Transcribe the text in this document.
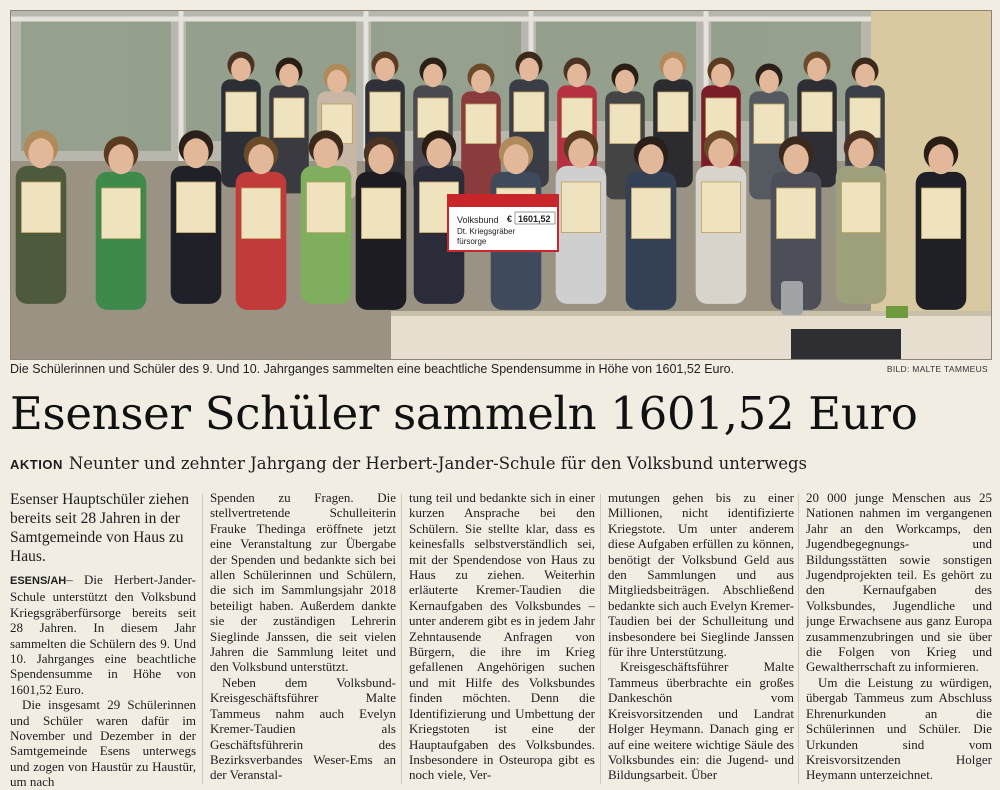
Volksbund
Dt. Kriegsgräber
fürsorge
€ 1601,52
Die Schülerinnen und Schüler des 9. Und 10. Jahrganges sammelten eine beachtliche Spendensumme in Höhe von 1601,52 Euro.	BILD: MALTE TAMMEUS
Esenser Schüler sammeln 1601,52 Euro
AKTION Neunter und zehnter Jahrgang der Herbert-Jander-Schule für den Volksbund unterwegs

Esenser Hauptschüler ziehen bereits seit 28 Jahren in der Samtgemeinde von Haus zu Haus.

ESENS/AH– Die Herbert-Jander-Schule unterstützt den Volksbund Kriegsgräberfürsorge bereits seit 28 Jahren. In diesem Jahr sammelten die Schülern des 9. Und 10. Jahrganges eine beachtliche Spendensumme in Höhe von 1601,52 Euro.

Die insgesamt 29 Schülerinnen und Schüler waren dafür im November und Dezember in der Samtgemeinde Esens unterwegs und zogen von Haustür zu Haustür, um nach

Spenden zu Fragen. Die stellvertretende Schulleiterin Frauke Thedinga eröffnete jetzt eine Veranstaltung zur Übergabe der Spenden und bedankte sich bei allen Schülerinnen und Schülern, die sich im Sammlungsjahr 2018 beteiligt haben. Außerdem dankte sie der zuständigen Lehrerin Sieglinde Janssen, die seit vielen Jahren die Sammlung leitet und den Volksbund unterstützt.

Neben dem Volksbund-Kreisgeschäftsführer Malte Tammeus nahm auch Evelyn Kremer-Taudien als Geschäftsführerin des Bezirksverbandes Weser-Ems an der Veranstal-

tung teil und bedankte sich in einer kurzen Ansprache bei den Schülern. Sie stellte klar, dass es keinesfalls selbstverständlich sei, mit der Spendendose von Haus zu Haus zu ziehen. Weiterhin erläuterte Kremer-Taudien die Kernaufgaben des Volksbundes – unter anderem gibt es in jedem Jahr Zehntausende Anfragen von Bürgern, die ihre im Krieg gefallenen Angehörigen suchen und mit Hilfe des Volksbundes finden möchten. Denn die Identifizierung und Umbettung der Kriegstoten ist eine der Hauptaufgaben des Volksbundes. Insbesondere in Osteuropa gibt es noch viele, Ver-

mutungen gehen bis zu einer Millionen, nicht identifizierte Kriegstote. Um unter anderem diese Aufgaben erfüllen zu können, benötigt der Volksbund Geld aus den Sammlungen und aus Mitgliedsbeiträgen. Abschließend bedankte sich auch Evelyn Kremer-Taudien bei der Schulleitung und insbesondere bei Sieglinde Janssen für ihre Unterstützung.

Kreisgeschäftsführer Malte Tammeus überbrachte ein großes Dankeschön vom Kreisvorsitzenden und Landrat Holger Heymann. Danach ging er auf eine weitere wichtige Säule des Volksbundes ein: die Jugend- und Bildungsarbeit. Über

20 000 junge Menschen aus 25 Nationen nahmen im vergangenen Jahr an den Workcamps, den Jugendbegegnungs- und Bildungsstätten sowie sonstigen Jugendprojekten teil. Es gehört zu den Kernaufgaben des Volksbundes, Jugendliche und junge Erwachsene aus ganz Europa zusammenzubringen und sie über die Folgen von Krieg und Gewaltherrschaft zu informieren.

Um die Leistung zu würdigen, übergab Tammeus zum Abschluss Ehrenurkunden an die Schülerinnen und Schüler. Die Urkunden sind vom Kreisvorsitzenden Holger Heymann unterzeichnet.
